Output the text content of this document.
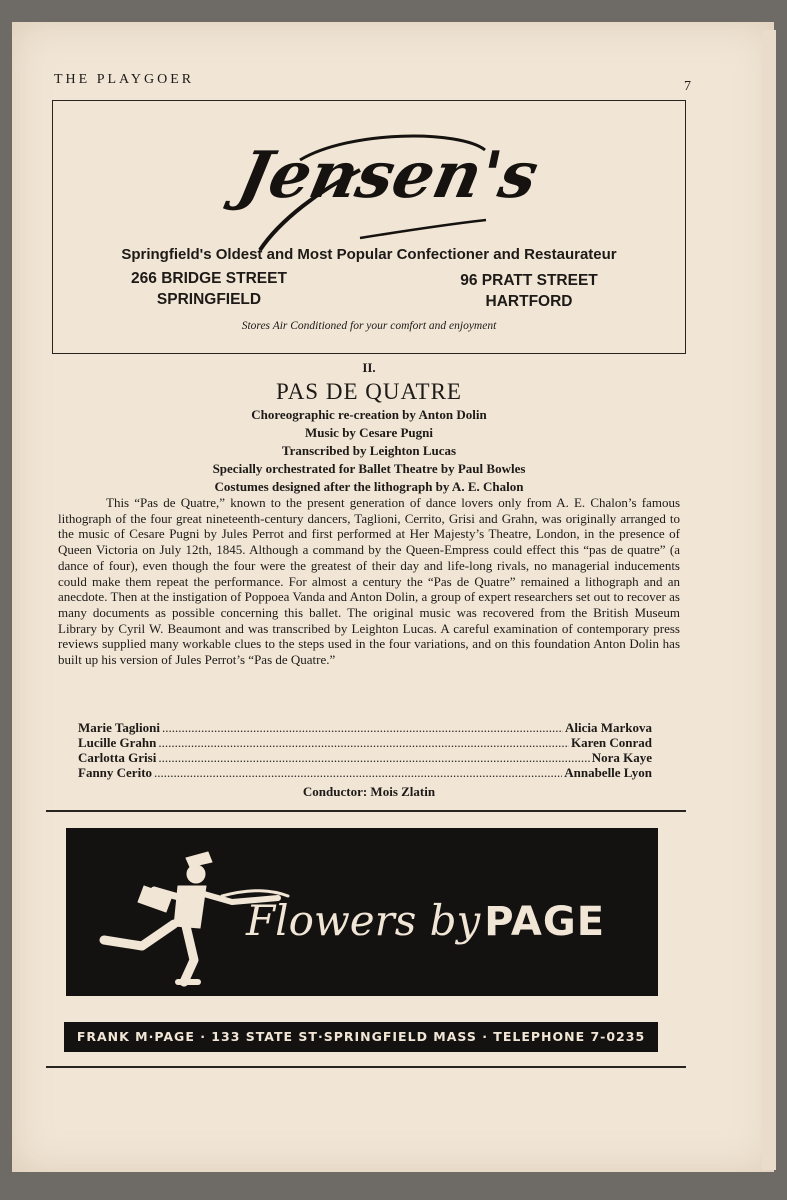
THE PLAYGOER	7
Jensen's
Springfield's Oldest and Most Popular Confectioner and Restaurateur
266 BRIDGE STREET
SPRINGFIELD
96 PRATT STREET
HARTFORD
Stores Air Conditioned for your comfort and enjoyment
II.
PAS DE QUATRE
Choreographic re-creation by Anton Dolin
Music by Cesare Pugni
Transcribed by Leighton Lucas
Specially orchestrated for Ballet Theatre by Paul Bowles
Costumes designed after the lithograph by A. E. Chalon
This “Pas de Quatre,” known to the present generation of dance lovers only from A. E. Chalon’s famous lithograph of the four great nineteenth-century dancers, Taglioni, Cerrito, Grisi and Grahn, was originally arranged to the music of Cesare Pugni by Jules Perrot and first performed at Her Majesty’s Theatre, London, in the presence of Queen Victoria on July 12th, 1845. Although a command by the Queen-Empress could effect this “pas de quatre” (a dance of four), even though the four were the greatest of their day and life-long rivals, no managerial inducements could make them repeat the performance. For almost a century the “Pas de Quatre” remained a lithograph and an anecdote. Then at the instigation of Poppoea Vanda and Anton Dolin, a group of expert researchers set out to recover as many documents as possible concerning this ballet. The original music was recovered from the British Museum Library by Cyril W. Beaumont and was transcribed by Leighton Lucas. A careful examination of contemporary press reviews supplied many workable clues to the steps used in the four variations, and on this foundation Anton Dolin has built up his version of Jules Perrot’s “Pas de Quatre.”
Marie Taglioni .....	Alicia Markova
Lucille Grahn .....	Karen Conrad
Carlotta Grisi .....	Nora Kaye
Fanny Cerito .....	Annabelle Lyon
Conductor: Mois Zlatin
Flowers by PAGE
FRANK M·PAGE · 133 STATE ST·SPRINGFIELD MASS · TELEPHONE 7-0235
